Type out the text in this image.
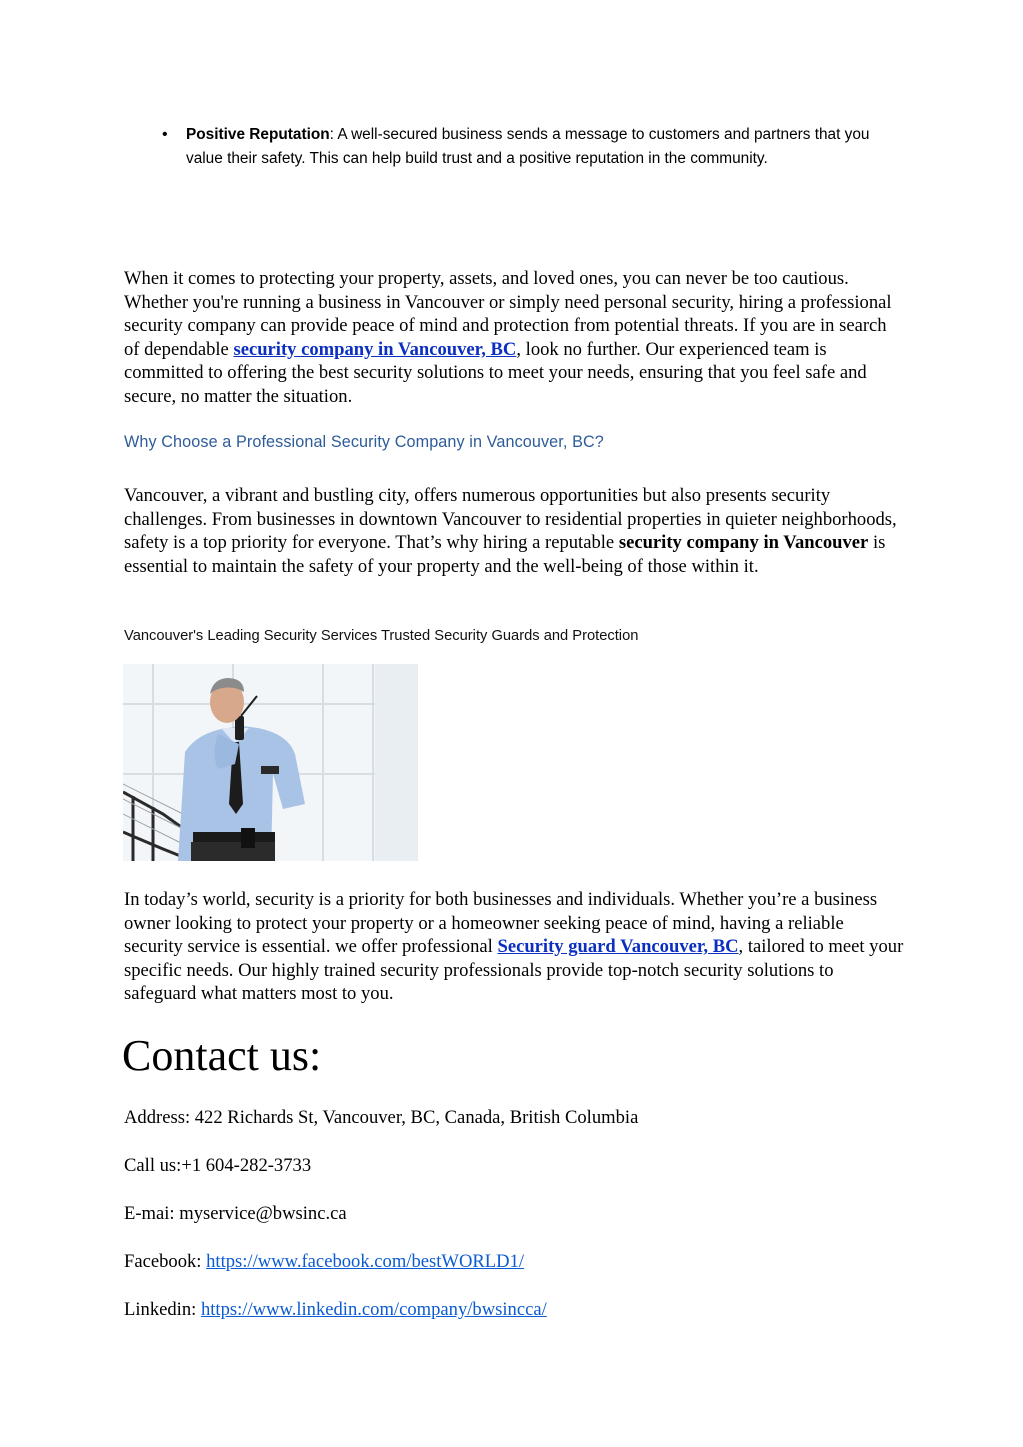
• Positive Reputation: A well-secured business sends a message to customers and partners that you value their safety. This can help build trust and a positive reputation in the community.
When it comes to protecting your property, assets, and loved ones, you can never be too cautious. Whether you're running a business in Vancouver or simply need personal security, hiring a professional security company can provide peace of mind and protection from potential threats. If you are in search of dependable security company in Vancouver, BC, look no further. Our experienced team is committed to offering the best security solutions to meet your needs, ensuring that you feel safe and secure, no matter the situation.
Why Choose a Professional Security Company in Vancouver, BC?
Vancouver, a vibrant and bustling city, offers numerous opportunities but also presents security challenges. From businesses in downtown Vancouver to residential properties in quieter neighborhoods, safety is a top priority for everyone. That’s why hiring a reputable security company in Vancouver is essential to maintain the safety of your property and the well-being of those within it.
Vancouver's Leading Security Services Trusted Security Guards and Protection
In today’s world, security is a priority for both businesses and individuals. Whether you’re a business owner looking to protect your property or a homeowner seeking peace of mind, having a reliable security service is essential. we offer professional Security guard Vancouver, BC, tailored to meet your specific needs. Our highly trained security professionals provide top-notch security solutions to safeguard what matters most to you.
Contact us:
Address: 422 Richards St, Vancouver, BC, Canada, British Columbia
Call us:+1 604-282-3733
E-mai: myservice@bwsinc.ca
Facebook: https://www.facebook.com/bestWORLD1/
Linkedin: https://www.linkedin.com/company/bwsincca/
